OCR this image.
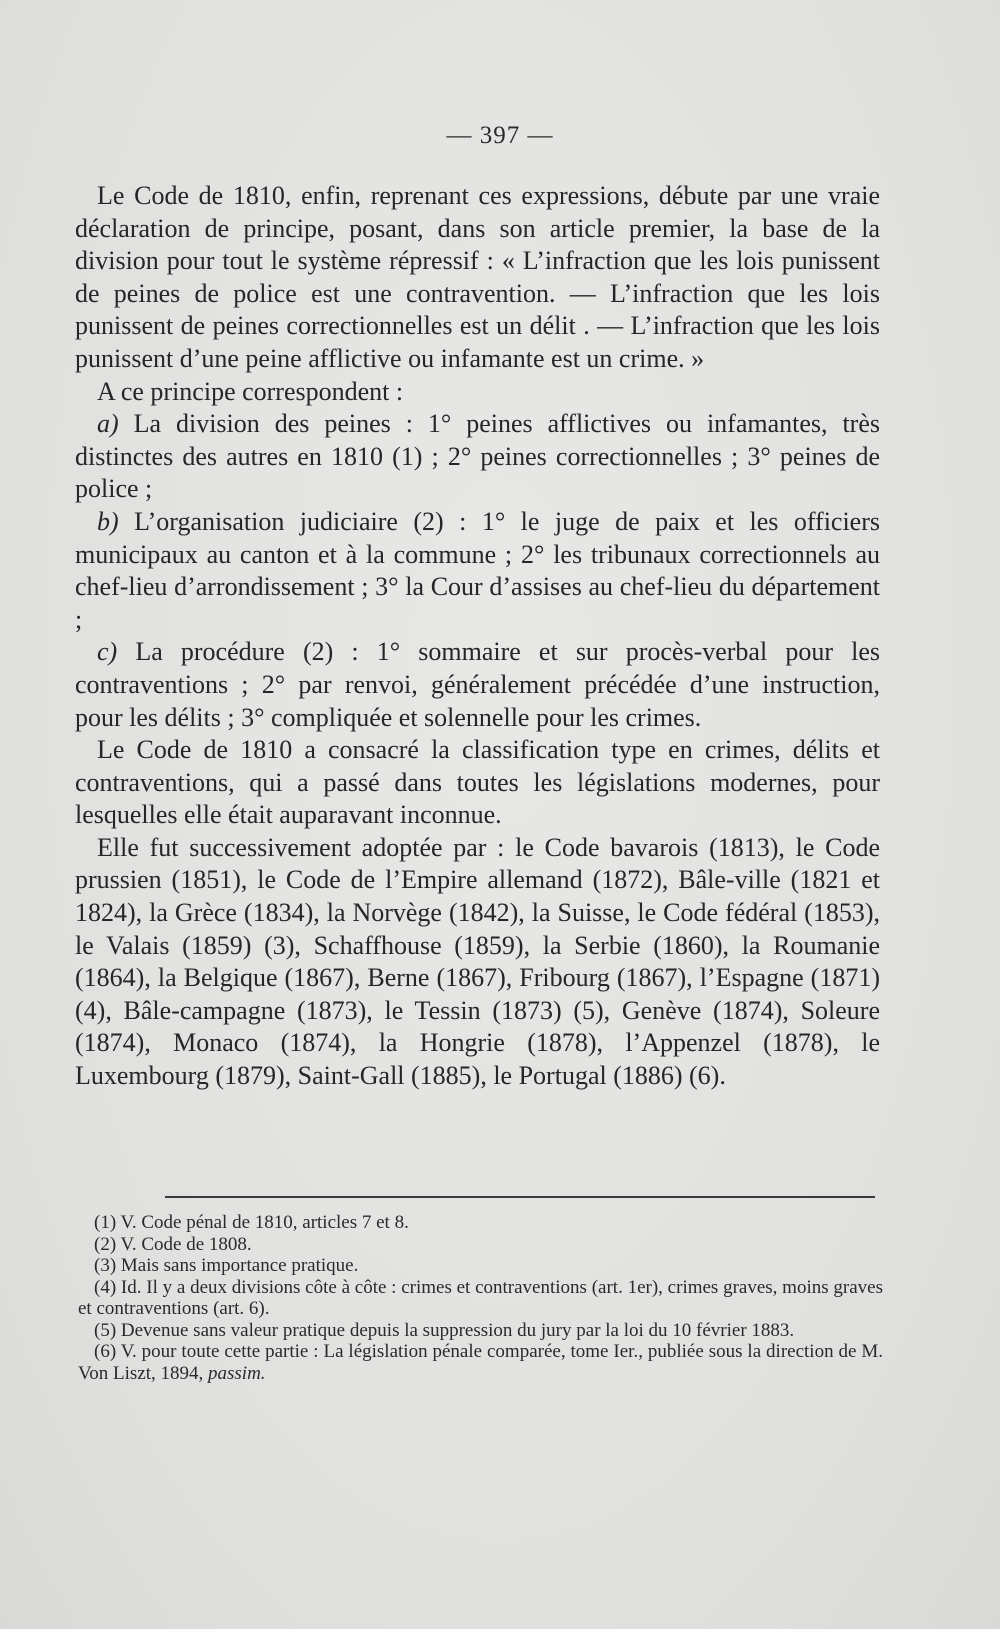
— 397 —

Le Code de 1810, enfin, reprenant ces expressions, débute par une vraie déclaration de principe, posant, dans son article premier, la base de la division pour tout le système répressif : « L’infraction que les lois punissent de peines de police est une contravention. — L’infraction que les lois punissent de peines correctionnelles est un délit . — L’infraction que les lois punissent d’une peine afflictive ou infamante est un crime. »

A ce principe correspondent :

a) La division des peines : 1° peines afflictives ou infamantes, très distinctes des autres en 1810 (1) ; 2° peines correctionnelles ; 3° peines de police ;

b) L’organisation judiciaire (2) : 1° le juge de paix et les officiers municipaux au canton et à la commune ; 2° les tribunaux correctionnels au chef-lieu d’arrondissement ; 3° la Cour d’assises au chef-lieu du département ;

c) La procédure (2) : 1° sommaire et sur procès-verbal pour les contraventions ; 2° par renvoi, généralement précédée d’une instruction, pour les délits ; 3° compliquée et solennelle pour les crimes.

Le Code de 1810 a consacré la classification type en crimes, délits et contraventions, qui a passé dans toutes les législations modernes, pour lesquelles elle était auparavant inconnue.

Elle fut successivement adoptée par : le Code bavarois (1813), le Code prussien (1851), le Code de l’Empire allemand (1872), Bâle-ville (1821 et 1824), la Grèce (1834), la Norvège (1842), la Suisse, le Code fédéral (1853), le Valais (1859) (3), Schaffhouse (1859), la Serbie (1860), la Roumanie (1864), la Belgique (1867), Berne (1867), Fribourg (1867), l’Espagne (1871) (4), Bâle-campagne (1873), le Tessin (1873) (5), Genève (1874), Soleure (1874), Monaco (1874), la Hongrie (1878), l’Appenzel (1878), le Luxembourg (1879), Saint-Gall (1885), le Portugal (1886) (6).

(1) V. Code pénal de 1810, articles 7 et 8.

(2) V. Code de 1808.

(3) Mais sans importance pratique.

(4) Id. Il y a deux divisions côte à côte : crimes et contraventions (art. 1er), crimes graves, moins graves et contraventions (art. 6).

(5) Devenue sans valeur pratique depuis la suppression du jury par la loi du 10 février 1883.

(6) V. pour toute cette partie : La législation pénale comparée, tome Ier., publiée sous la direction de M. Von Liszt, 1894, passim.
